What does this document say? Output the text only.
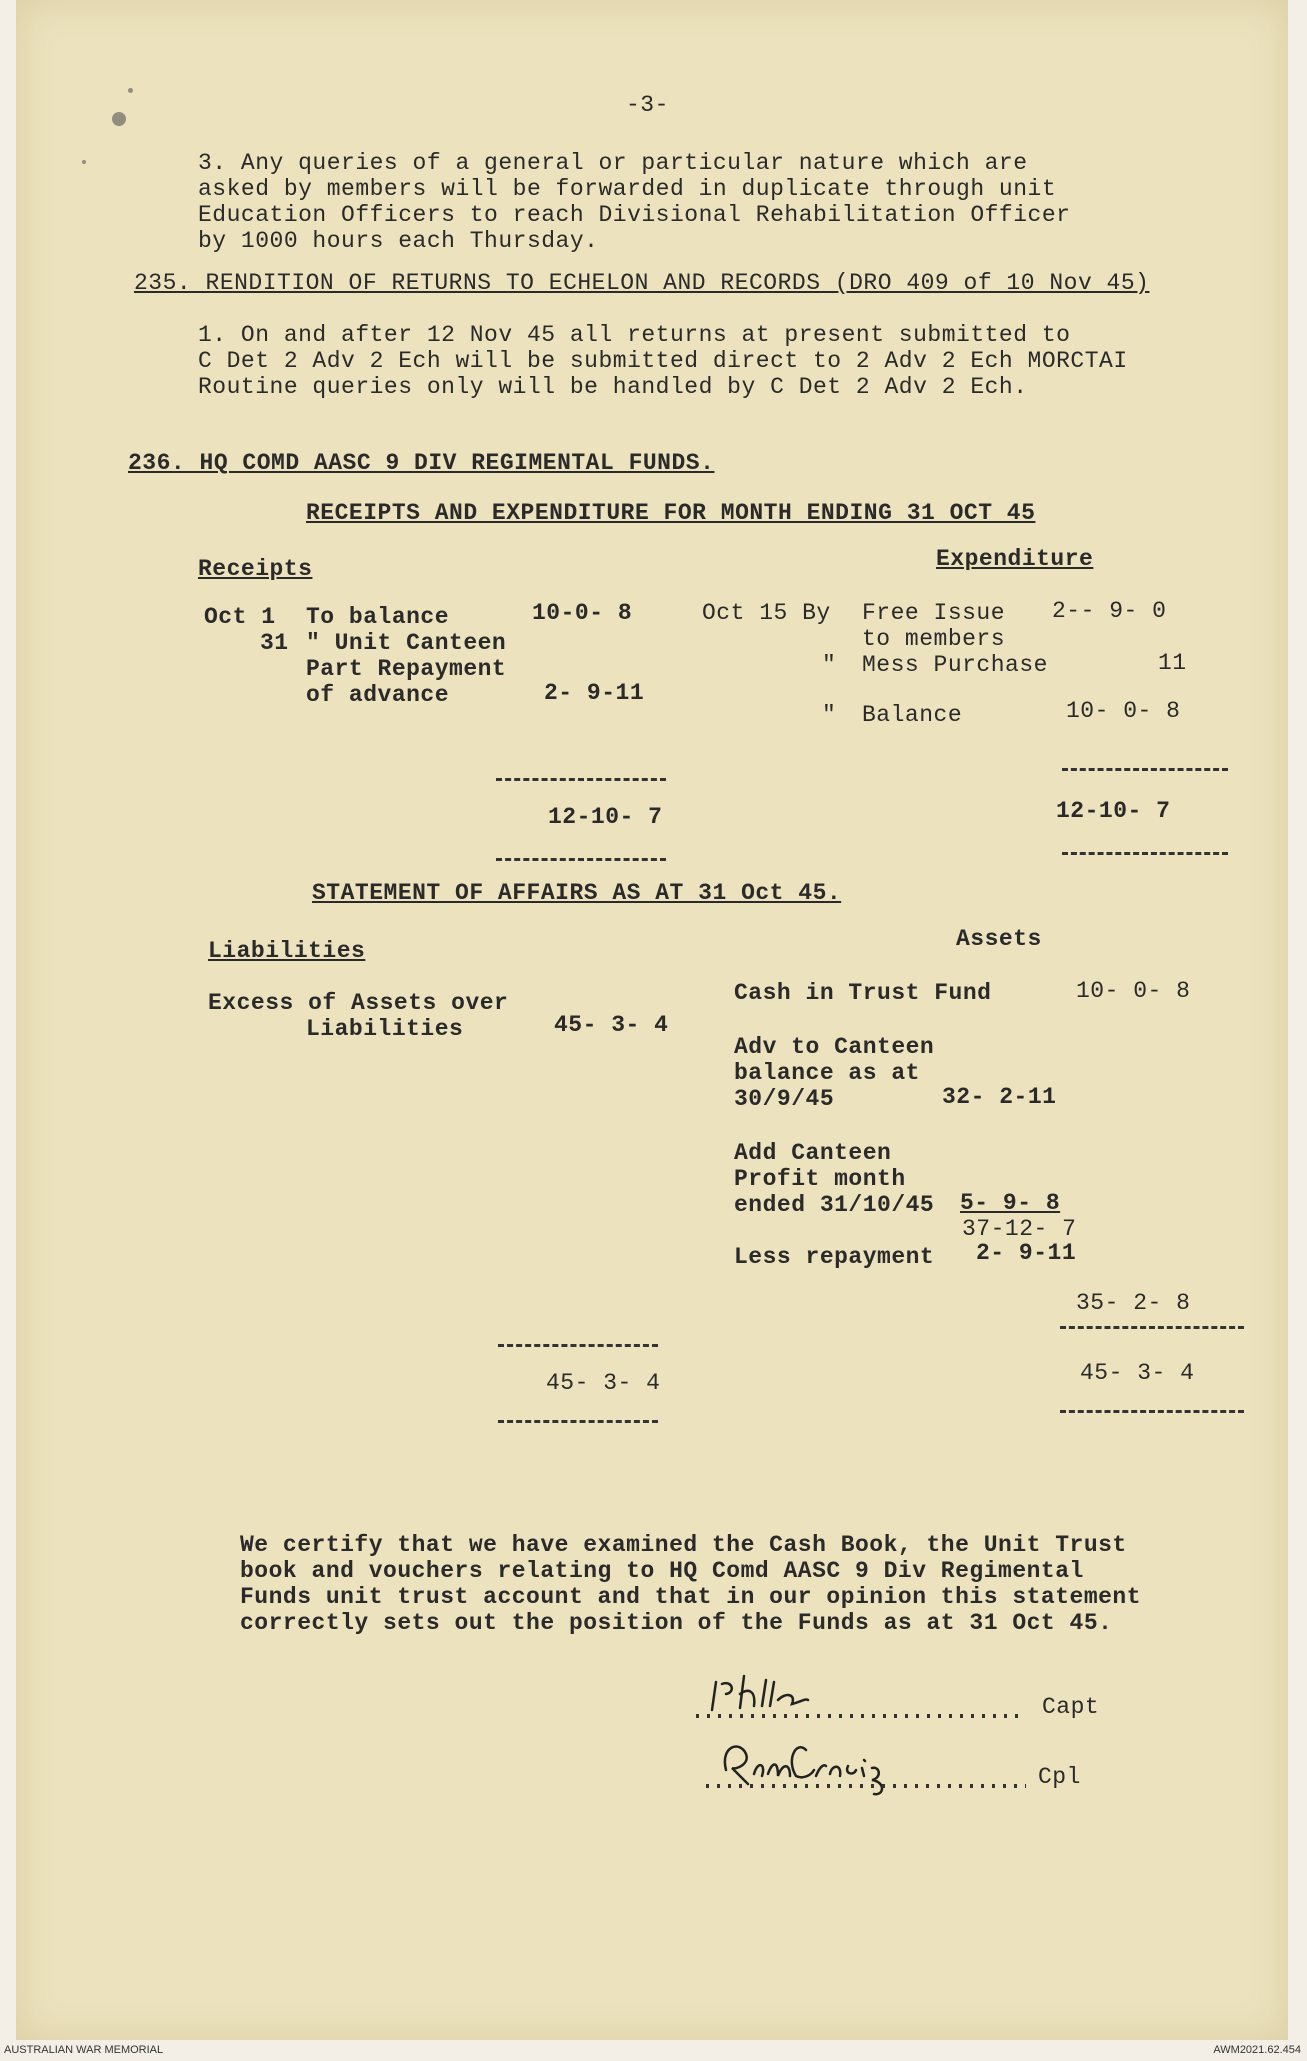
-3-
3. Any queries of a general or particular nature which are
asked by members will be forwarded in duplicate through unit
Education Officers to reach Divisional Rehabilitation Officer
by 1000 hours each Thursday.
235. RENDITION OF RETURNS TO ECHELON AND RECORDS (DRO 409 of 10 Nov 45)
1. On and after 12 Nov 45 all returns at present submitted to
C Det 2 Adv 2 Ech will be submitted direct to 2 Adv 2 Ech MORCTAI
Routine queries only will be handled by C Det 2 Adv 2 Ech.
236. HQ COMD AASC 9 DIV REGIMENTAL FUNDS.
RECEIPTS AND EXPENDITURE FOR MONTH ENDING 31 OCT 45
Receipts	Expenditure
Oct 1 To balance	10-0- 8
31 " Unit Canteen
Part Repayment
of advance	2- 9-11
Oct 15 By Free Issue 2-- 9- 0
to members
" Mess Purchase	11
" Balance	10- 0- 8
12-10- 7	12-10- 7
STATEMENT OF AFFAIRS AS AT 31 Oct 45.
Liabilities	Assets
Excess of Assets over
Liabilities	45- 3- 4
Cash in Trust Fund	10- 0- 8
Adv to Canteen
balance as at
30/9/45	32- 2-11
Add Canteen
Profit month
ended 31/10/45 5- 9- 8
37-12- 7
Less repayment 2- 9-11
35- 2- 8
45- 3- 4	45- 3- 4
We certify that we have examined the Cash Book, the Unit Trust
book and vouchers relating to HQ Comd AASC 9 Div Regimental
Funds unit trust account and that in our opinion this statement
correctly sets out the position of the Funds as at 31 Oct 45.
Capt
Cpl
AUSTRALIAN WAR MEMORIAL	AWM2021.62.454
